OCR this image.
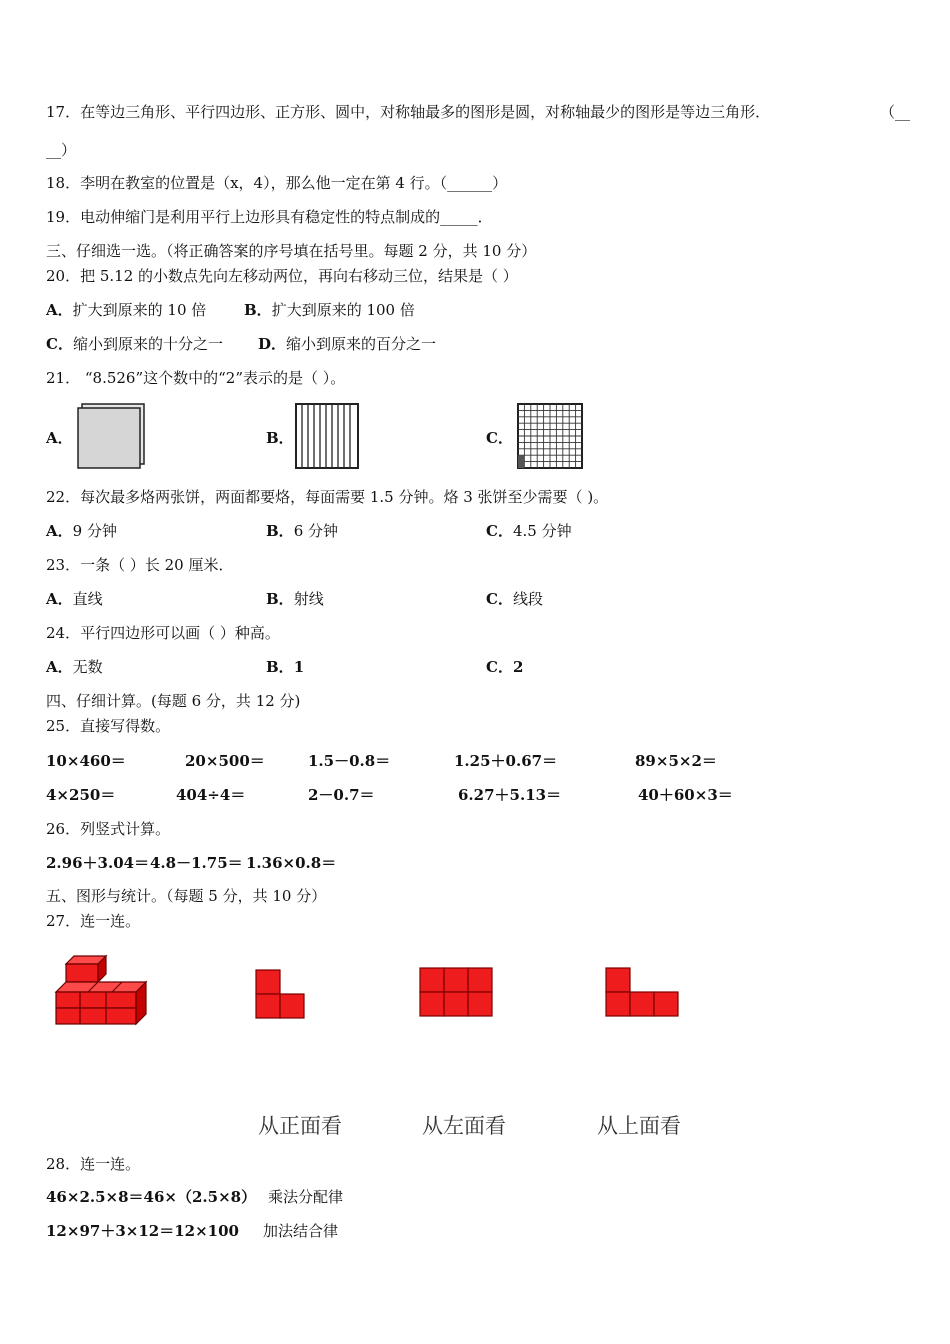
17．在等边三角形、平行四边形、正方形、圆中，对称轴最多的图形是圆，对称轴最少的图形是等边三角形．	（__
__）
18．李明在教室的位置是（x，4），那么他一定在第 4 行。（______）
19．电动伸缩门是利用平行上边形具有稳定性的特点制成的_____．
三、仔细选一选。（将正确答案的序号填在括号里。每题 2 分，共 10 分）
20．把 5.12 的小数点先向左移动两位，再向右移动三位，结果是（ ）
A．扩大到原来的 10 倍	B．扩大到原来的 100 倍
C．缩小到原来的十分之一 D．缩小到原来的百分之一
21． “8.526”这个数中的“2”表示的是（ ）。
A．	B．	C．
22．每次最多烙两张饼，两面都要烙，每面需要 1.5 分钟。烙 3 张饼至少需要（ )。
A．9 分钟	B．6 分钟	C．4.5 分钟
23．一条（ ）长 20 厘米．
A．直线	B．射线	C．线段
24．平行四边形可以画（ ）种高。
A．无数	B．1	C．2
四、仔细计算。(每题 6 分，共 12 分)
25．直接写得数。
10×460＝	20×500＝	1.5－0.8＝	1.25＋0.67＝	89×5×2＝
4×250＝	404÷4＝	2－0.7＝	6.27＋5.13＝	40＋60×3＝
26．列竖式计算。
2.96＋3.04＝ 4.8－1.75＝ 1.36×0.8＝
五、图形与统计。（每题 5 分，共 10 分）
27．连一连。
从正面看	从左面看	从上面看
28．连一连。
46×2.5×8＝46×（2.5×8） 乘法分配律
12×97＋3×12＝12×100 加法结合律
